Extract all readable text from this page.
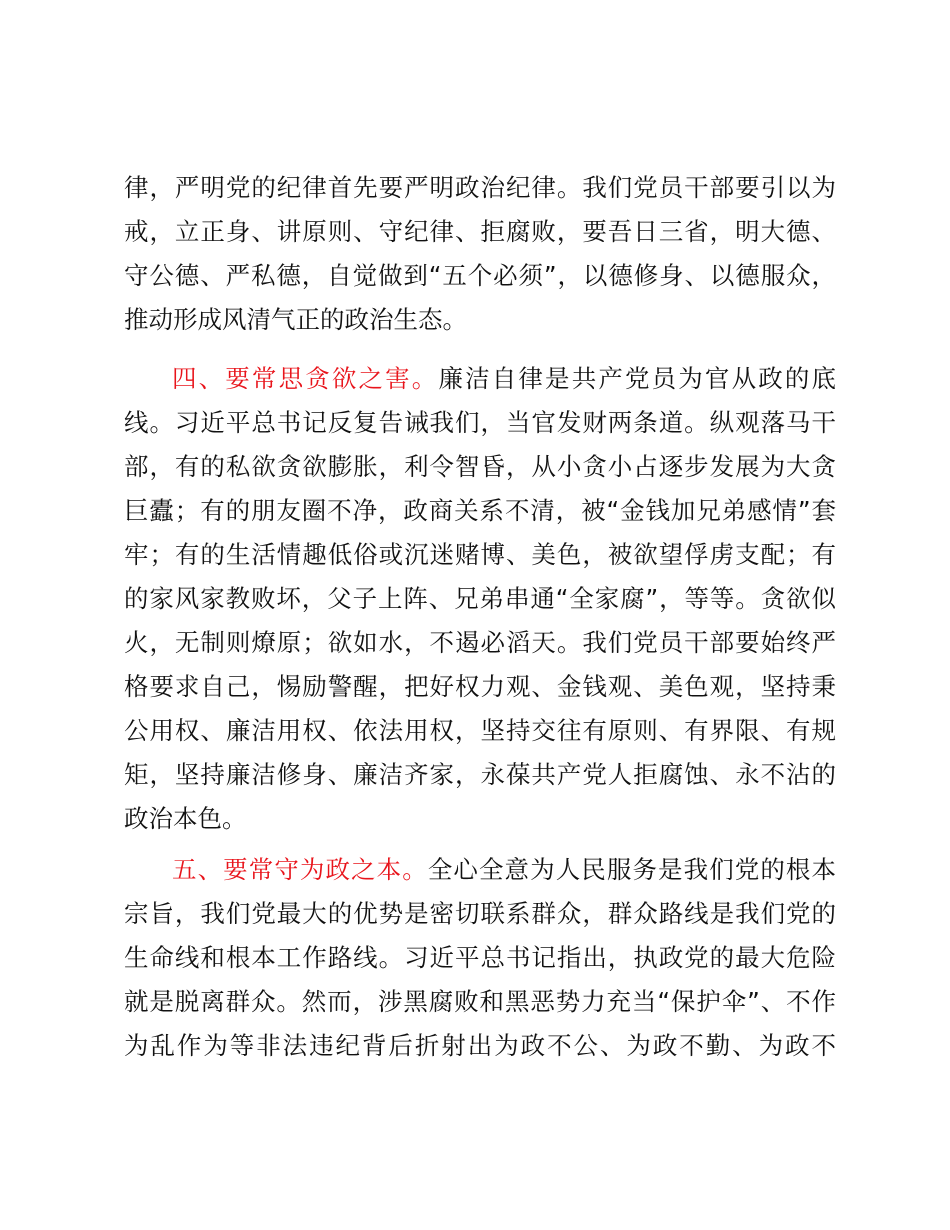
律，严明党的纪律首先要严明政治纪律。我们党员干部要引以为
戒，立正身、讲原则、守纪律、拒腐败，要吾日三省，明大德、
守公德、严私德，自觉做到“五个必须”，以德修身、以德服众，
推动形成风清气正的政治生态。
四、要常思贪欲之害。廉洁自律是共产党员为官从政的底
线。习近平总书记反复告诫我们，当官发财两条道。纵观落马干
部，有的私欲贪欲膨胀，利令智昏，从小贪小占逐步发展为大贪
巨蠹；有的朋友圈不净，政商关系不清，被“金钱加兄弟感情”套
牢；有的生活情趣低俗或沉迷赌博、美色，被欲望俘虏支配；有
的家风家教败坏，父子上阵、兄弟串通“全家腐”，等等。贪欲似
火，无制则燎原；欲如水，不遏必滔天。我们党员干部要始终严
格要求自己，惕励警醒，把好权力观、金钱观、美色观，坚持秉
公用权、廉洁用权、依法用权，坚持交往有原则、有界限、有规
矩，坚持廉洁修身、廉洁齐家，永葆共产党人拒腐蚀、永不沾的
政治本色。
五、要常守为政之本。全心全意为人民服务是我们党的根本
宗旨，我们党最大的优势是密切联系群众，群众路线是我们党的
生命线和根本工作路线。习近平总书记指出，执政党的最大危险
就是脱离群众。然而，涉黑腐败和黑恶势力充当“保护伞”、不作
为乱作为等非法违纪背后折射出为政不公、为政不勤、为政不
